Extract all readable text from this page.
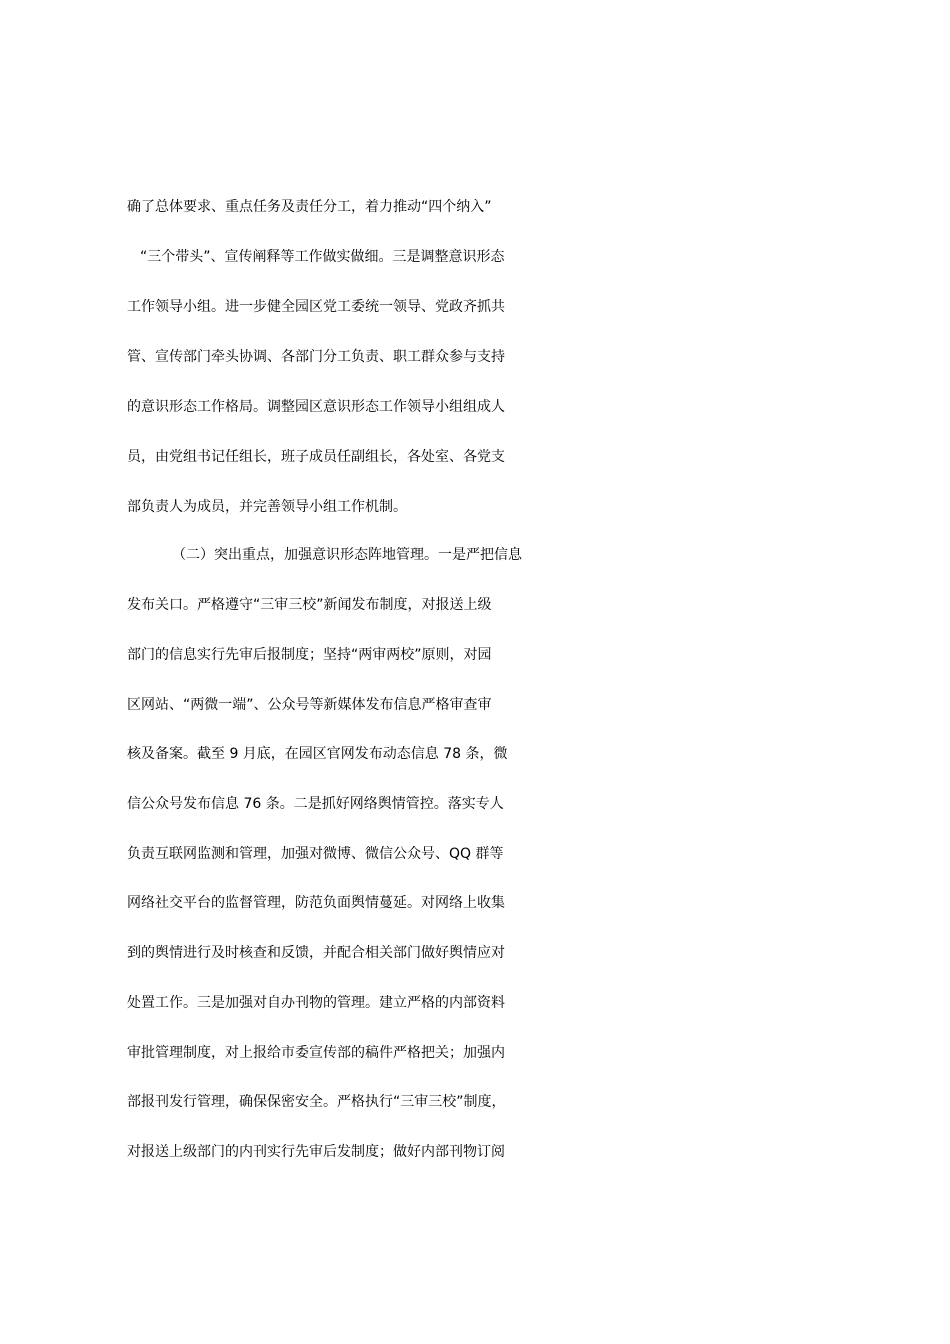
确了总体要求、重点任务及责任分工，着力推动“四个纳入”
“三个带头”、宣传阐释等工作做实做细。三是调整意识形态
工作领导小组。进一步健全园区党工委统一领导、党政齐抓共
管、宣传部门牵头协调、各部门分工负责、职工群众参与支持
的意识形态工作格局。调整园区意识形态工作领导小组组成人
员，由党组书记任组长，班子成员任副组长，各处室、各党支
部负责人为成员，并完善领导小组工作机制。
（二）突出重点，加强意识形态阵地管理。一是严把信息
发布关口。严格遵守“三审三校”新闻发布制度，对报送上级
部门的信息实行先审后报制度；坚持“两审两校”原则，对园
区网站、“两微一端”、公众号等新媒体发布信息严格审查审
核及备案。截至 9 月底，在园区官网发布动态信息 78 条，微
信公众号发布信息 76 条。二是抓好网络舆情管控。落实专人
负责互联网监测和管理，加强对微博、微信公众号、QQ 群等
网络社交平台的监督管理，防范负面舆情蔓延。对网络上收集
到的舆情进行及时核查和反馈，并配合相关部门做好舆情应对
处置工作。三是加强对自办刊物的管理。建立严格的内部资料
审批管理制度，对上报给市委宣传部的稿件严格把关；加强内
部报刊发行管理，确保保密安全。严格执行“三审三校”制度，
对报送上级部门的内刊实行先审后发制度；做好内部刊物订阅
